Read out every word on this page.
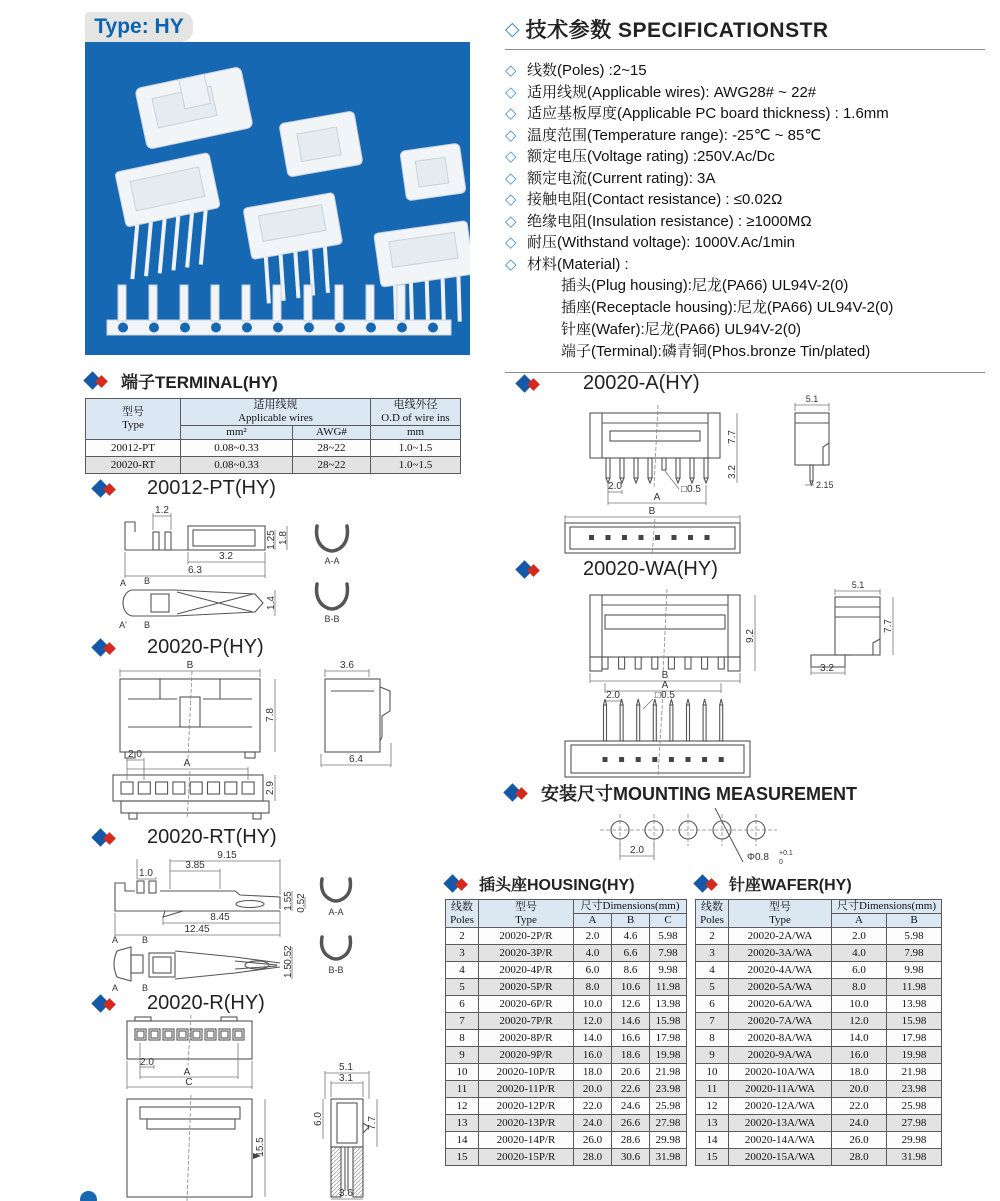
Type: HY	◇ 技术参数 SPECIFICATIONSTR
◇ 线数(Poles) :2~15
◇ 适用线规(Applicable wires): AWG28# ~ 22#
◇ 适应基板厚度(Applicable PC board thickness) : 1.6mm
◇ 温度范围(Temperature range): -25℃ ~ 85℃
◇ 额定电压(Voltage rating) :250V.Ac/Dc
◇ 额定电流(Current rating): 3A
◇ 接触电阻(Contact resistance) : ≤0.02Ω
◇ 绝缘电阻(Insulation resistance) : ≥1000MΩ
◇ 耐压(Withstand voltage): 1000V.Ac/1min
◇ 材料(Material) :
插头(Plug housing):尼龙(PA66) UL94V-2(0)
插座(Receptacle housing):尼龙(PA66) UL94V-2(0)
针座(Wafer):尼龙(PA66) UL94V-2(0)
端子(Terminal):磷青铜(Phos.bronze Tin/plated)
端子TERMINAL(HY)
型号
Type	适用线规
Applicable wires		电线外径
O.D of wire ins

	mm²	AWG#	mm

20012-PT	0.08~0.33	28~22	1.0~1.5
20020-RT	0.08~0.33	28~22	1.0~1.5
20012-PT(HY)
1.2
1.25 1.8
3.2
6.3
A B
A' B
1.4
A-A
B-B
20020-P(HY)
B
7.8
3.6
6.4
2.0
A
2.9
20020-RT(HY)
9.15
3.85
1.0
1.55 0.52
8.45
12.45
A	B
A	B
0.52
1.5
A-A
B-B
20020-R(HY)
2.0
A
C
15.5
5.1
3.1
6.0	7.7
3.6
20020-A(HY)
7.7
3.2
2.0	□0.5
A
5.1
2.15
B
20020-WA(HY)
9.2
B
A
2.0	□0.5
5.1
7.7
3.2
安装尺寸MOUNTING MEASUREMENT
2.0
Φ0.8 +0.1
0
插头座HOUSING(HY)
线数
Poles	型号
Type	尺寸Dimensions(mm)		

		A	B	C

2	20020-2P/R	2.0	4.6	5.98
3	20020-3P/R	4.0	6.6	7.98
4	20020-4P/R	6.0	8.6	9.98
5	20020-5P/R	8.0	10.6	11.98
6	20020-6P/R	10.0	12.6	13.98
7	20020-7P/R	12.0	14.6	15.98
8	20020-8P/R	14.0	16.6	17.98
9	20020-9P/R	16.0	18.6	19.98
10	20020-10P/R	18.0	20.6	21.98
11	20020-11P/R	20.0	22.6	23.98
12	20020-12P/R	22.0	24.6	25.98
13	20020-13P/R	24.0	26.6	27.98
14	20020-14P/R	26.0	28.6	29.98
15	20020-15P/R	28.0	30.6	31.98
针座WAFER(HY)
线数
Poles	型号
Type	尺寸Dimensions(mm)	

		A	B

2	20020-2A/WA	2.0	5.98
3	20020-3A/WA	4.0	7.98
4	20020-4A/WA	6.0	9.98
5	20020-5A/WA	8.0	11.98
6	20020-6A/WA	10.0	13.98
7	20020-7A/WA	12.0	15.98
8	20020-8A/WA	14.0	17.98
9	20020-9A/WA	16.0	19.98
10	20020-10A/WA	18.0	21.98
11	20020-11A/WA	20.0	23.98
12	20020-12A/WA	22.0	25.98
13	20020-13A/WA	24.0	27.98
14	20020-14A/WA	26.0	29.98
15	20020-15A/WA	28.0	31.98
